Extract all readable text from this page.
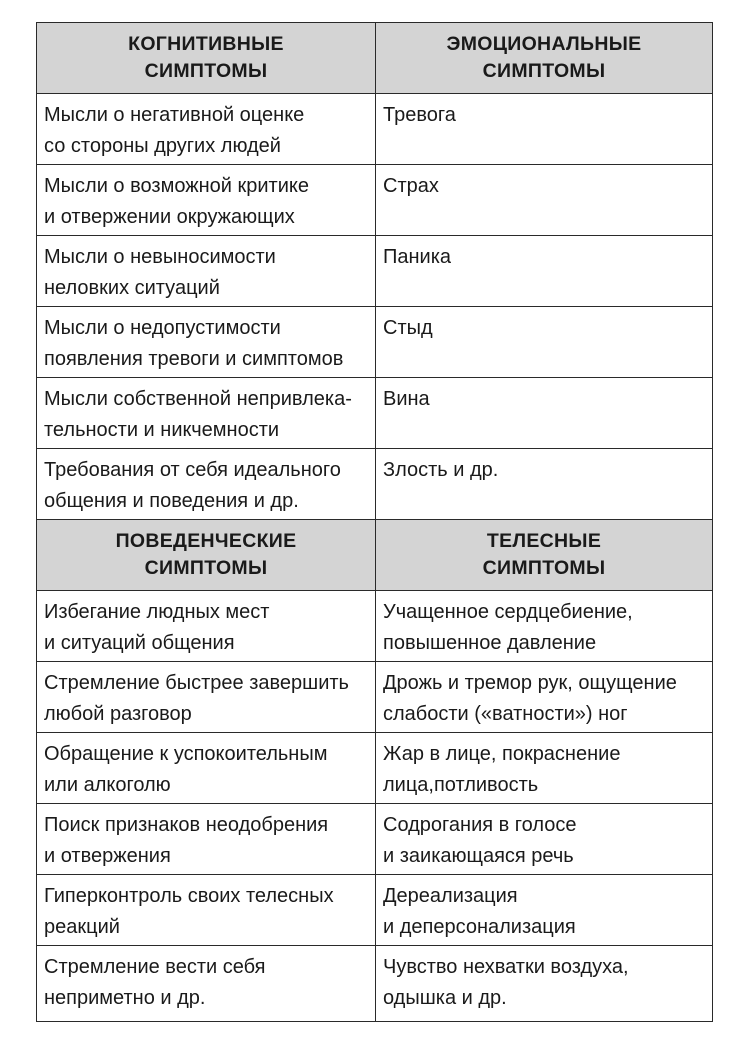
КОГНИТИВНЫЕ
СИМПТОМЫ	ЭМОЦИОНАЛЬНЫЕ
СИМПТОМЫ

Мысли о негативной оценке
со стороны других людей	Тревога

Мысли о возможной критике
и отвержении окружающих	Страх

Мысли о невыносимости
неловких ситуаций	Паника

Мысли о недопустимости
появления тревоги и симптомов	Стыд

Мысли собственной непривлека-
тельности и никчемности	Вина

Требования от себя идеального
общения и поведения и др.	Злость и др.

ПОВЕДЕНЧЕСКИЕ
СИМПТОМЫ	ТЕЛЕСНЫЕ
СИМПТОМЫ

Избегание людных мест
и ситуаций общения	Учащенное сердцебиение,
повышенное давление

Стремление быстрее завершить
любой разговор	Дрожь и тремор рук, ощущение
слабости («ватности») ног

Обращение к успокоительным
или алкоголю	Жар в лице, покраснение
лица,потливость

Поиск признаков неодобрения
и отвержения	Содрогания в голосе
и заикающаяся речь

Гиперконтроль своих телесных
реакций	Дереализация
и деперсонализация

Стремление вести себя
неприметно и др.	Чувство нехватки воздуха,
одышка и др.
